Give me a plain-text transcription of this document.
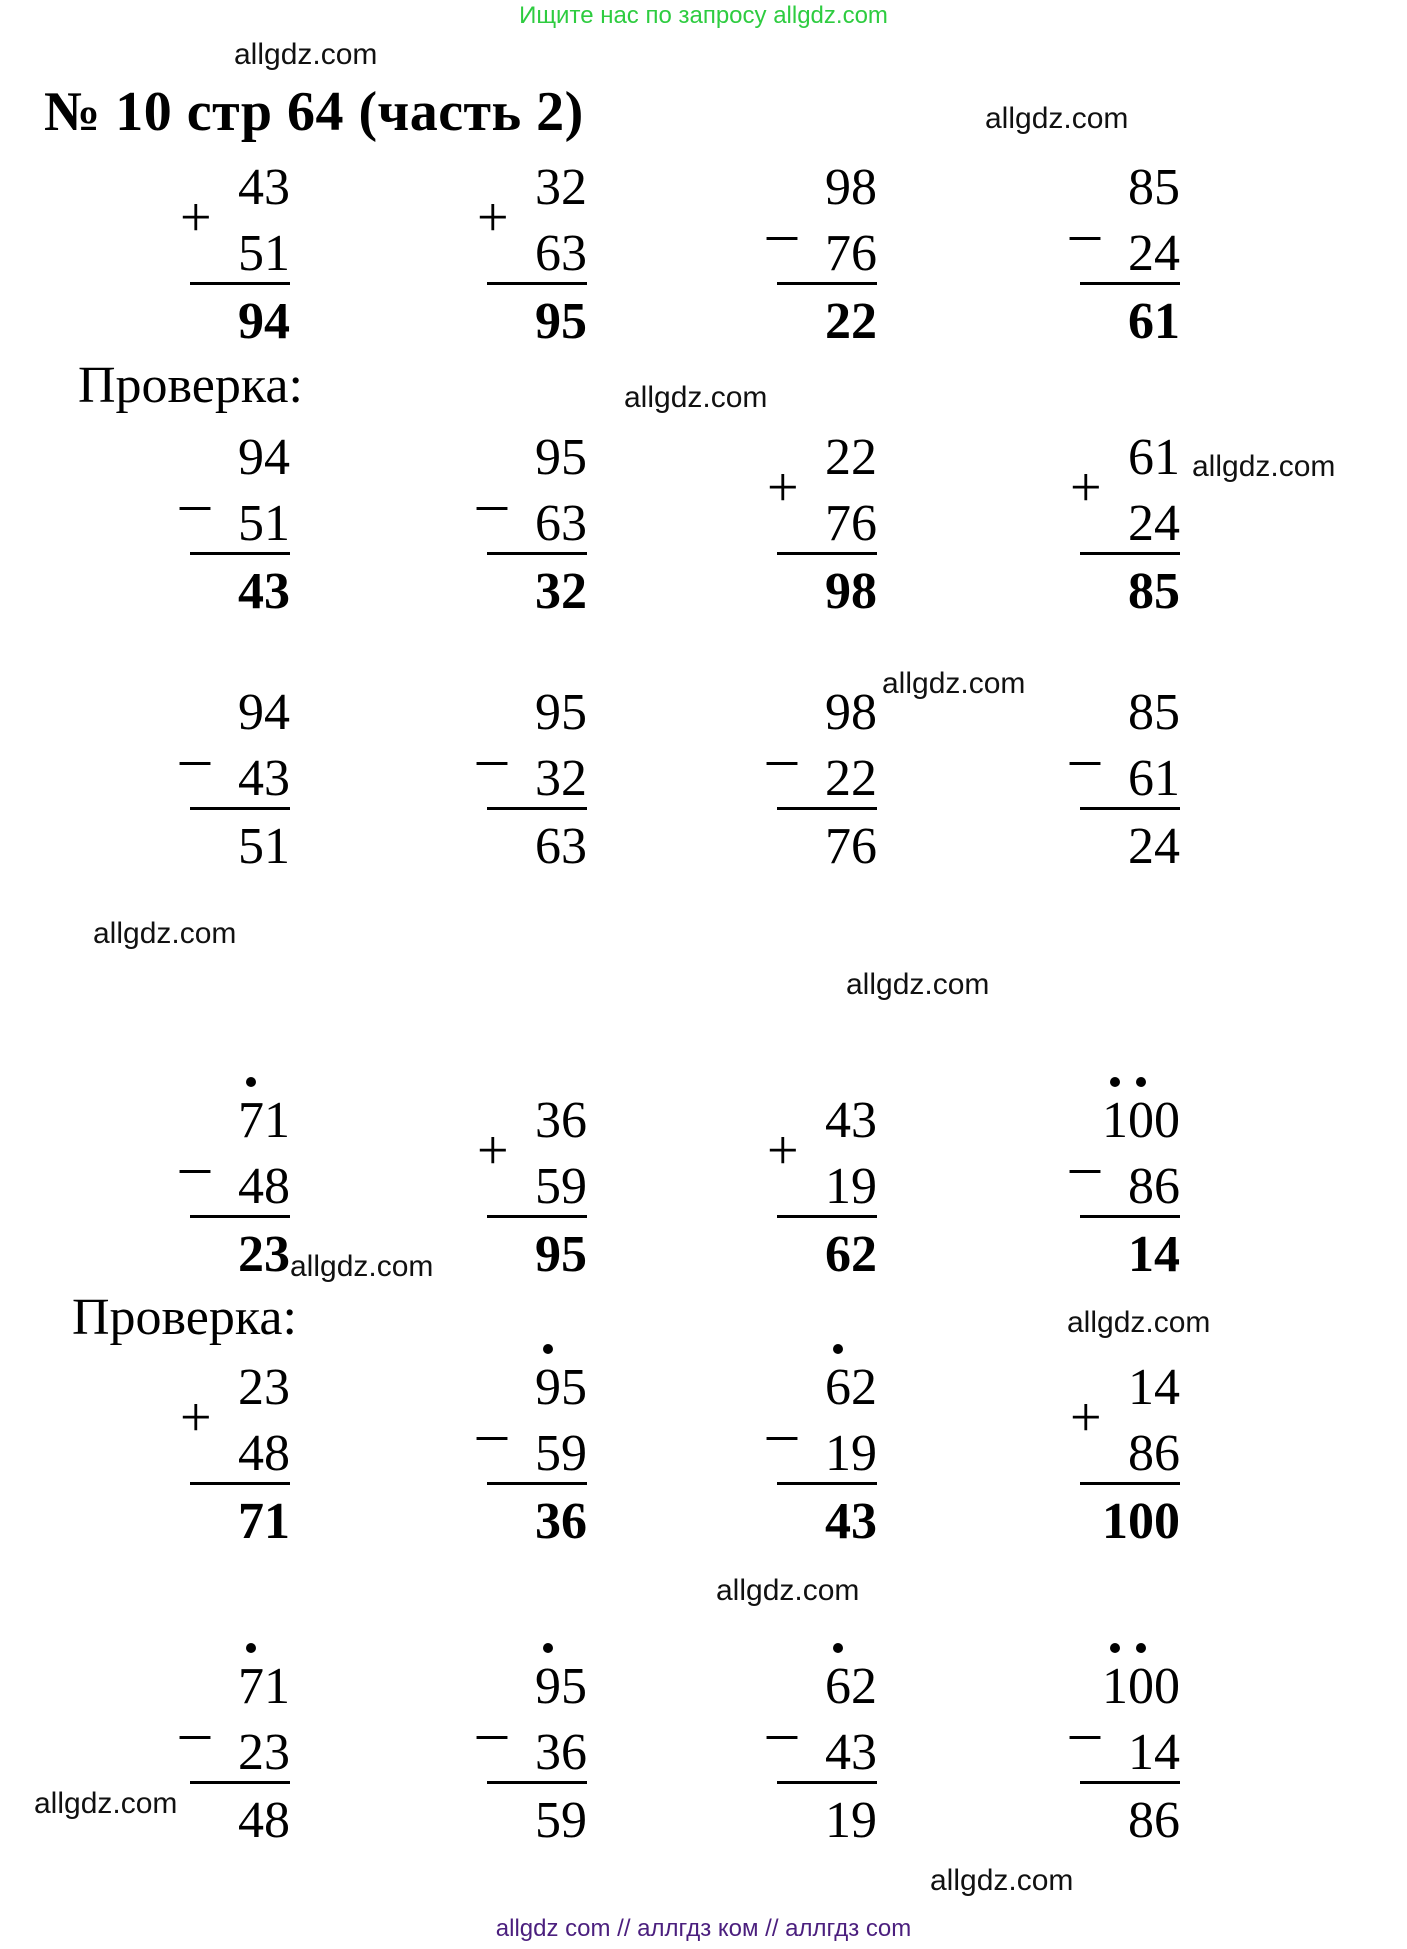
Ищите нас по запросу allgdz.com
№ 10 стр 64 (часть 2)
allgdz.com
allgdz.com
allgdz.com
allgdz.com
allgdz.com
allgdz.com
allgdz.com
allgdz.com
allgdz.com
allgdz.com
allgdz.com
allgdz.com
Проверка:
Проверка:
+ 43
51
94
+ 32
63
95
_ 98
76
22
_ 85
24
61
_ 94
51
43
_ 95
63
32
+ 22
76
98
+ 61
24
85
_ 94
43
51
_ 95
32
63
_ 98
22
76
_ 85
61
24
_ 71
48
23
+ 36
59
95
+ 43
19
62
_ 100
86
14
+ 23
48
71
_ 95
59
36
_ 62
19
43
+ 14
86
100
_ 71
23
48
_ 95
36
59
_ 62
43
19
_ 100
14
86
allgdz com // аллгдз ком // аллгдз com
